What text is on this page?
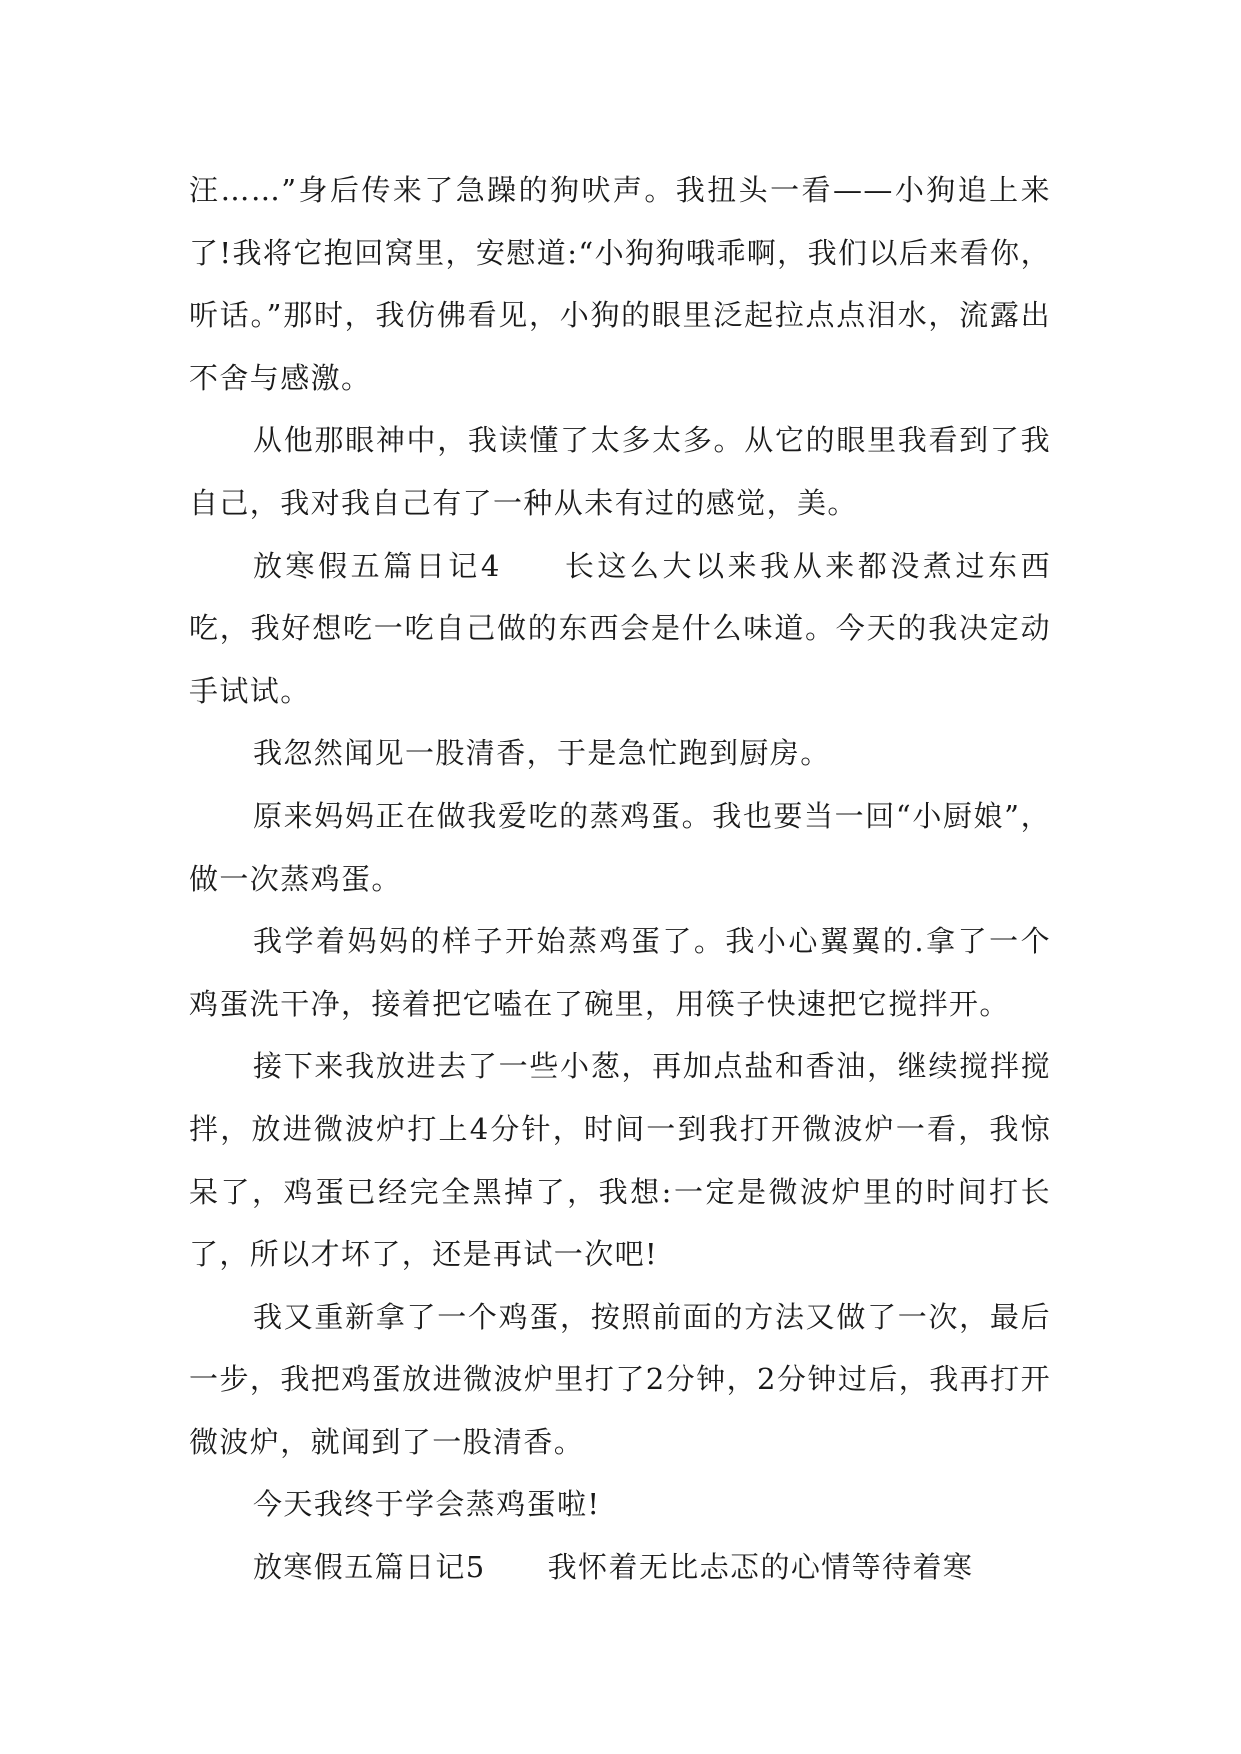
汪……”身后传来了急躁的狗吠声。我扭头一看——小狗追上来了!我将它抱回窝里，安慰道:“小狗狗哦乖啊，我们以后来看你，听话。”那时，我仿佛看见，小狗的眼里泛起拉点点泪水，流露出不舍与感激。

从他那眼神中，我读懂了太多太多。从它的眼里我看到了我自己，我对我自己有了一种从未有过的感觉，美。

放寒假五篇日记4 长这么大以来我从来都没煮过东西吃，我好想吃一吃自己做的东西会是什么味道。今天的我决定动手试试。

我忽然闻见一股清香，于是急忙跑到厨房。

原来妈妈正在做我爱吃的蒸鸡蛋。我也要当一回“小厨娘”，做一次蒸鸡蛋。

我学着妈妈的样子开始蒸鸡蛋了。我小心翼翼的.拿了一个鸡蛋洗干净，接着把它嗑在了碗里，用筷子快速把它搅拌开。

接下来我放进去了一些小葱，再加点盐和香油，继续搅拌搅拌，放进微波炉打上4分针，时间一到我打开微波炉一看，我惊呆了，鸡蛋已经完全黑掉了，我想:一定是微波炉里的时间打长了，所以才坏了，还是再试一次吧!

我又重新拿了一个鸡蛋，按照前面的方法又做了一次，最后一步，我把鸡蛋放进微波炉里打了2分钟，2分钟过后，我再打开微波炉，就闻到了一股清香。

今天我终于学会蒸鸡蛋啦!

放寒假五篇日记5 我怀着无比忐忑的心情等待着寒
